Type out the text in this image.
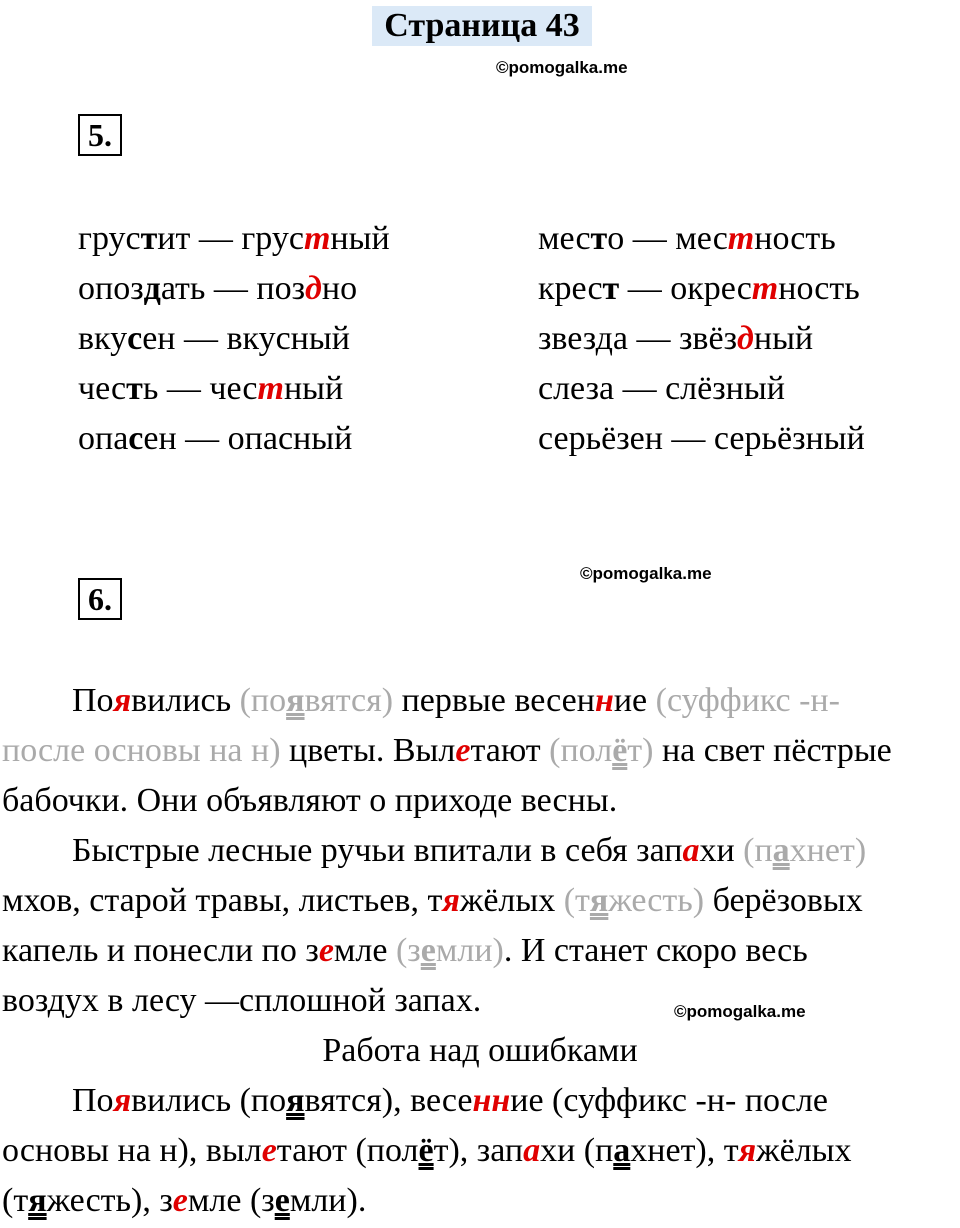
Страница 43
©pomogalka.me
5.
грустит — грустный
опоздать — поздно
вкусен — вкусный
честь — честный
опасен — опасный
место — местность
крест — окрестность
звезда — звёздный
слеза — слёзный
серьёзен — серьёзный
©pomogalka.me
6.
Появились (появятся) первые весенние (суффикс -н-
после основы на н) цветы. Вылетают (полёт) на свет пёстрые
бабочки. Они объявляют о приходе весны.
Быстрые лесные ручьи впитали в себя запахи (пахнет)
мхов, старой травы, листьев, тяжёлых (тяжесть) берёзовых
капель и понесли по земле (земли). И станет скоро весь
воздух в лесу —сплошной запах.
Работа над ошибками
Появились (появятся), весенние (суффикс -н- после
основы на н), вылетают (полёт), запахи (пахнет), тяжёлых
(тяжесть), земле (земли).
©pomogalka.me
